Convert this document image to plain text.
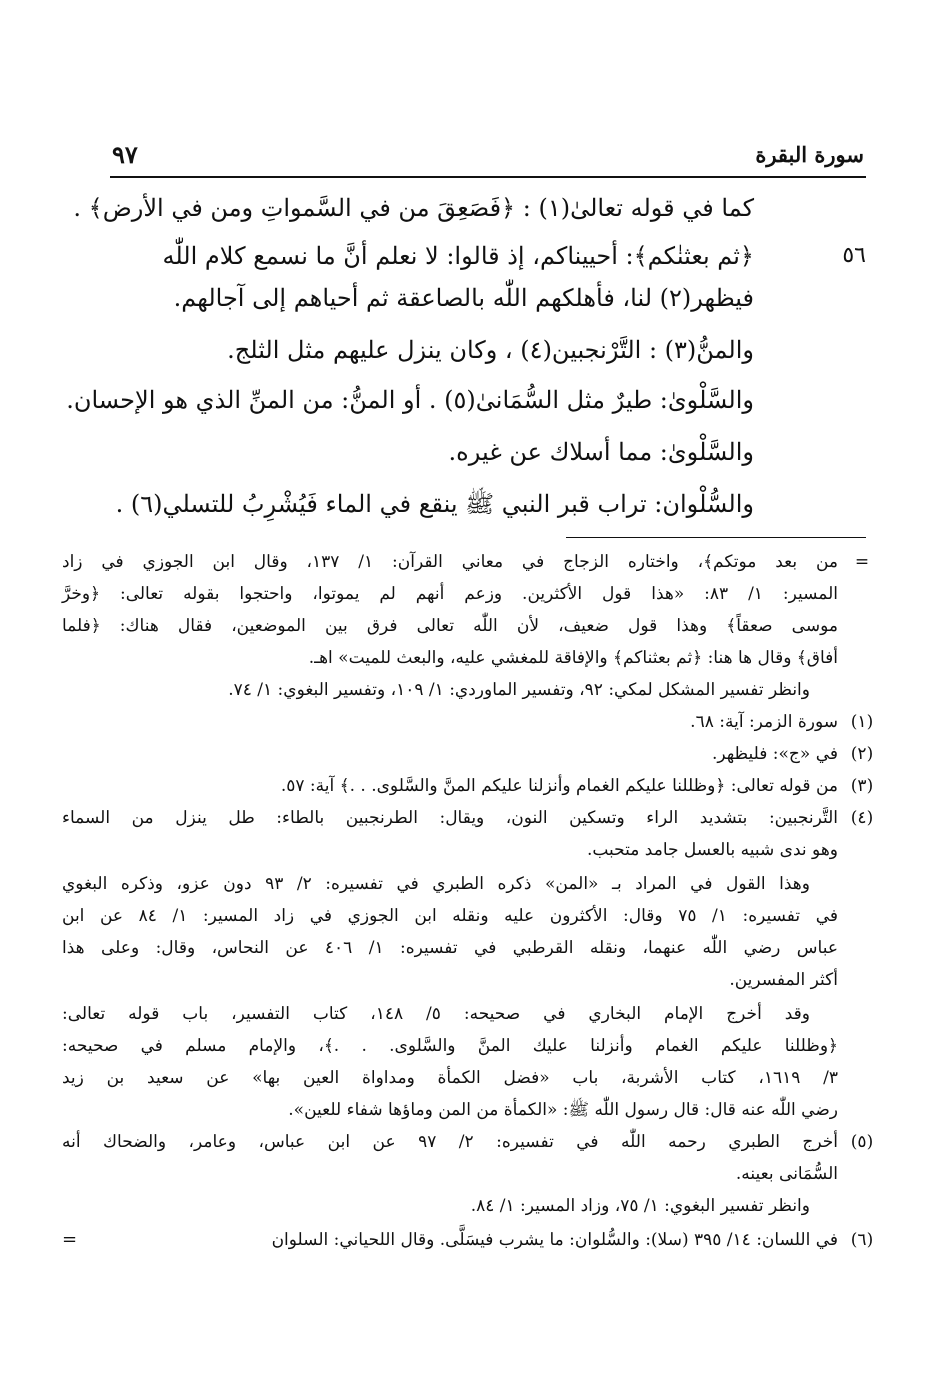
سورة البقرة
٩٧
كما في قوله تعالىٰ(١) : ﴿فَصَعِقَ من في السَّمواتِ ومن في الأرض﴾ .
٥٦
﴿ثم بعثنٰكم﴾: أحييناكم، إذ قالوا: لا نعلم أنَّ ما نسمع كلام اللّٰه
فيظهر(٢) لنا، فأهلكهم اللّٰه بالصاعقة ثم أحياهم إلى آجالهم.
والمنُّ(٣) : التَّرْنجبين(٤) ، وكان ينزل عليهم مثل الثلج.
والسَّلْوىٰ: طيرٌ مثل السُّمَانىٰ(٥) . أو المنُّ: من المنِّ الذي هو الإحسان.
والسَّلْوىٰ: مما أسلاك عن غيره.
والسُّلْوان: تراب قبر النبي ﷺ ينقع في الماء فَيُشْرِبُ للتسلي(٦) .
=
من بعد موتكم﴾، واختاره الزجاج في معاني القرآن: ١/ ١٣٧، وقال ابن الجوزي في زاد
المسير: ١/ ٨٣: «هذا قول الأكثرين. وزعم أنهم لم يموتوا، واحتجوا بقوله تعالى: ﴿وخرَّ
موسى صعقاً﴾ وهذا قول ضعيف، لأن اللّٰه تعالى فرق بين الموضعين، فقال هناك: ﴿فلما
أفاق﴾ وقال ها هنا: ﴿ثم بعثناكم﴾ والإفاقة للمغشي عليه، والبعث للميت» اهـ.
وانظر تفسير المشكل لمكي: ٩٢، وتفسير الماوردي: ١/ ١٠٩، وتفسير البغوي: ١/ ٧٤.
(١)
سورة الزمر: آية: ٦٨.
(٢)
في «ج»: فليظهر.
(٣)
من قوله تعالى: ﴿وظللنا عليكم الغمام وأنزلنا عليكم المنَّ والسَّلوى. . .﴾ آية: ٥٧.
(٤)
التَّرنجبين: بتشديد الراء وتسكين النون، ويقال: الطرنجبين بالطاء: طل ينزل من السماء
وهو ندى شبيه بالعسل جامد متحبب.
وهذا القول في المراد بـ «المن» ذكره الطبري في تفسيره: ٢/ ٩٣ دون عزو، وذكره البغوي
في تفسيره: ١/ ٧٥ وقال: الأكثرون عليه ونقله ابن الجوزي في زاد المسير: ١/ ٨٤ عن ابن
عباس رضي اللّٰه عنهما، ونقله القرطبي في تفسيره: ١/ ٤٠٦ عن النحاس، وقال: وعلى هذا
أكثر المفسرين.
وقد أخرج الإمام البخاري في صحيحه: ٥/ ١٤٨، كتاب التفسير، باب قوله تعالى:
﴿وظللنا عليكم الغمام وأنزلنا عليك المنَّ والسَّلوى. . .﴾، والإمام مسلم في صحيحه:
٣/ ١٦١٩، كتاب الأشربة، باب «فضل الكمأة ومداواة العين بها» عن سعيد بن زيد
رضي اللّٰه عنه قال: قال رسول اللّٰه ﷺ: «الكمأة من المن وماؤها شفاء للعين».
(٥)
أخرج الطبري رحمه اللّٰه في تفسيره: ٢/ ٩٧ عن ابن عباس، وعامر، والضحاك أنه
السُّمَانى بعينه.
وانظر تفسير البغوي: ١/ ٧٥، وزاد المسير: ١/ ٨٤.
(٦)
في اللسان: ١٤/ ٣٩٥ (سلا): والسُّلوان: ما يشرب فيسَلَّى. وقال اللحياني: السلوان
=
